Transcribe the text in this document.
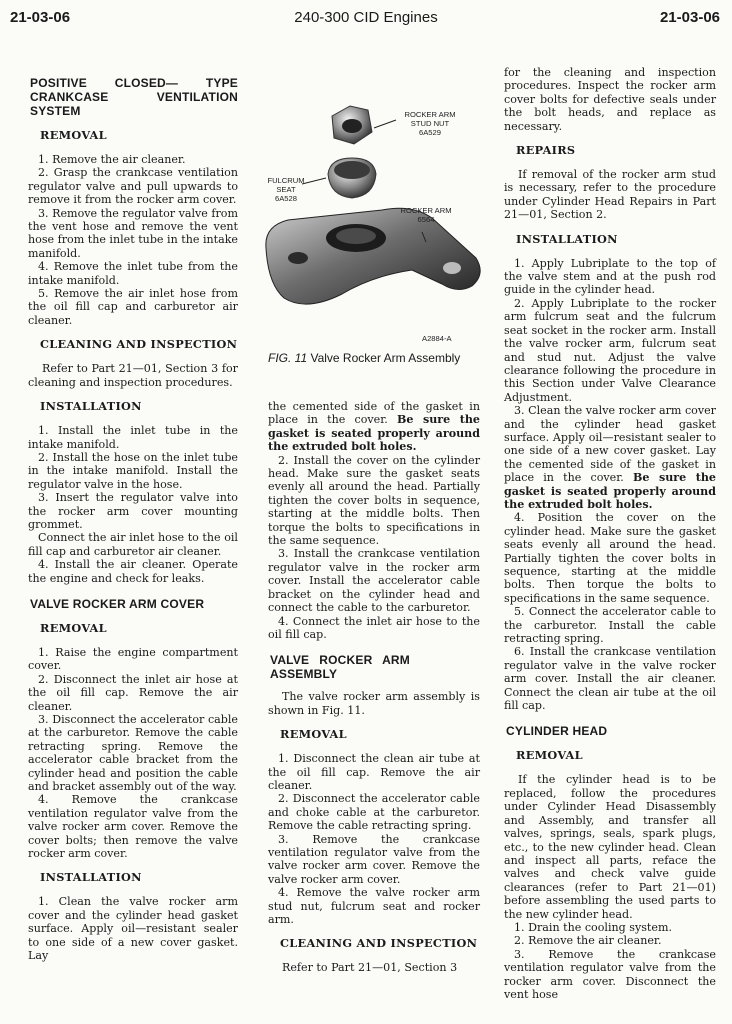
21-03-06	240-300 CID Engines	21-03-06
POSITIVE CLOSED— TYPE CRANKCASE VENTILATION SYSTEM
REMOVAL

1. Remove the air cleaner.

2. Grasp the crankcase ventilation regulator valve and pull upwards to remove it from the rocker arm cover.

3. Remove the regulator valve from the vent hose and remove the vent hose from the inlet tube in the intake manifold.

4. Remove the inlet tube from the intake manifold.

5. Remove the air inlet hose from the oil fill cap and carburetor air cleaner.

CLEANING AND INSPECTION

Refer to Part 21—01, Section 3 for cleaning and inspection procedures.

INSTALLATION

1. Install the inlet tube in the intake manifold.

2. Install the hose on the inlet tube in the intake manifold. Install the regulator valve in the hose.

3. Insert the regulator valve into the rocker arm cover mounting grommet.

Connect the air inlet hose to the oil fill cap and carburetor air cleaner.

4. Install the air cleaner. Operate the engine and check for leaks.

VALVE ROCKER ARM COVER
REMOVAL

1. Raise the engine compartment cover.

2. Disconnect the inlet air hose at the oil fill cap. Remove the air cleaner.

3. Disconnect the accelerator cable at the carburetor. Remove the cable retracting spring. Remove the accelerator cable bracket from the cylinder head and position the cable and bracket assembly out of the way.

4. Remove the crankcase ventilation regulator valve from the valve rocker arm cover. Remove the cover bolts; then remove the valve rocker arm cover.

INSTALLATION

1. Clean the valve rocker arm cover and the cylinder head gasket surface. Apply oil—resistant sealer to one side of a new cover gasket. Lay

ROCKER ARM STUD NUT
6A529
FULCRUM SEAT
6A528
ROCKER ARM
6564
A2884-A
FIG. 11 Valve Rocker Arm Assembly

the cemented side of the gasket in place in the cover. Be sure the gasket is seated properly around the extruded bolt holes.

2. Install the cover on the cylinder head. Make sure the gasket seats evenly all around the head. Partially tighten the cover bolts in sequence, starting at the middle bolts. Then torque the bolts to specifications in the same sequence.

3. Install the crankcase ventilation regulator valve in the rocker arm cover. Install the accelerator cable bracket on the cylinder head and connect the cable to the carburetor.

4. Connect the inlet air hose to the oil fill cap.

VALVE ROCKER ARM ASSEMBLY

The valve rocker arm assembly is shown in Fig. 11.

REMOVAL

1. Disconnect the clean air tube at the oil fill cap. Remove the air cleaner.

2. Disconnect the accelerator cable and choke cable at the carburetor. Remove the cable retracting spring.

3. Remove the crankcase ventilation regulator valve from the valve rocker arm cover. Remove the valve rocker arm cover.

4. Remove the valve rocker arm stud nut, fulcrum seat and rocker arm.

CLEANING AND INSPECTION

Refer to Part 21—01, Section 3

for the cleaning and inspection procedures. Inspect the rocker arm cover bolts for defective seals under the bolt heads, and replace as necessary.

REPAIRS

If removal of the rocker arm stud is necessary, refer to the procedure under Cylinder Head Repairs in Part 21—01, Section 2.

INSTALLATION

1. Apply Lubriplate to the top of the valve stem and at the push rod guide in the cylinder head.

2. Apply Lubriplate to the rocker arm fulcrum seat and the fulcrum seat socket in the rocker arm. Install the valve rocker arm, fulcrum seat and stud nut. Adjust the valve clearance following the procedure in this Section under Valve Clearance Adjustment.

3. Clean the valve rocker arm cover and the cylinder head gasket surface. Apply oil—resistant sealer to one side of a new cover gasket. Lay the cemented side of the gasket in place in the cover. Be sure the gasket is seated properly around the extruded bolt holes.

4. Position the cover on the cylinder head. Make sure the gasket seats evenly all around the head. Partially tighten the cover bolts in sequence, starting at the middle bolts. Then torque the bolts to specifications in the same sequence.

5. Connect the accelerator cable to the carburetor. Install the cable retracting spring.

6. Install the crankcase ventilation regulator valve in the valve rocker arm cover. Install the air cleaner. Connect the clean air tube at the oil fill cap.

CYLINDER HEAD
REMOVAL

If the cylinder head is to be replaced, follow the procedures under Cylinder Head Disassembly and Assembly, and transfer all valves, springs, seals, spark plugs, etc., to the new cylinder head. Clean and inspect all parts, reface the valves and check valve guide clearances (refer to Part 21—01) before assembling the used parts to the new cylinder head.

1. Drain the cooling system.

2. Remove the air cleaner.

3. Remove the crankcase ventilation regulator valve from the rocker arm cover. Disconnect the vent hose
